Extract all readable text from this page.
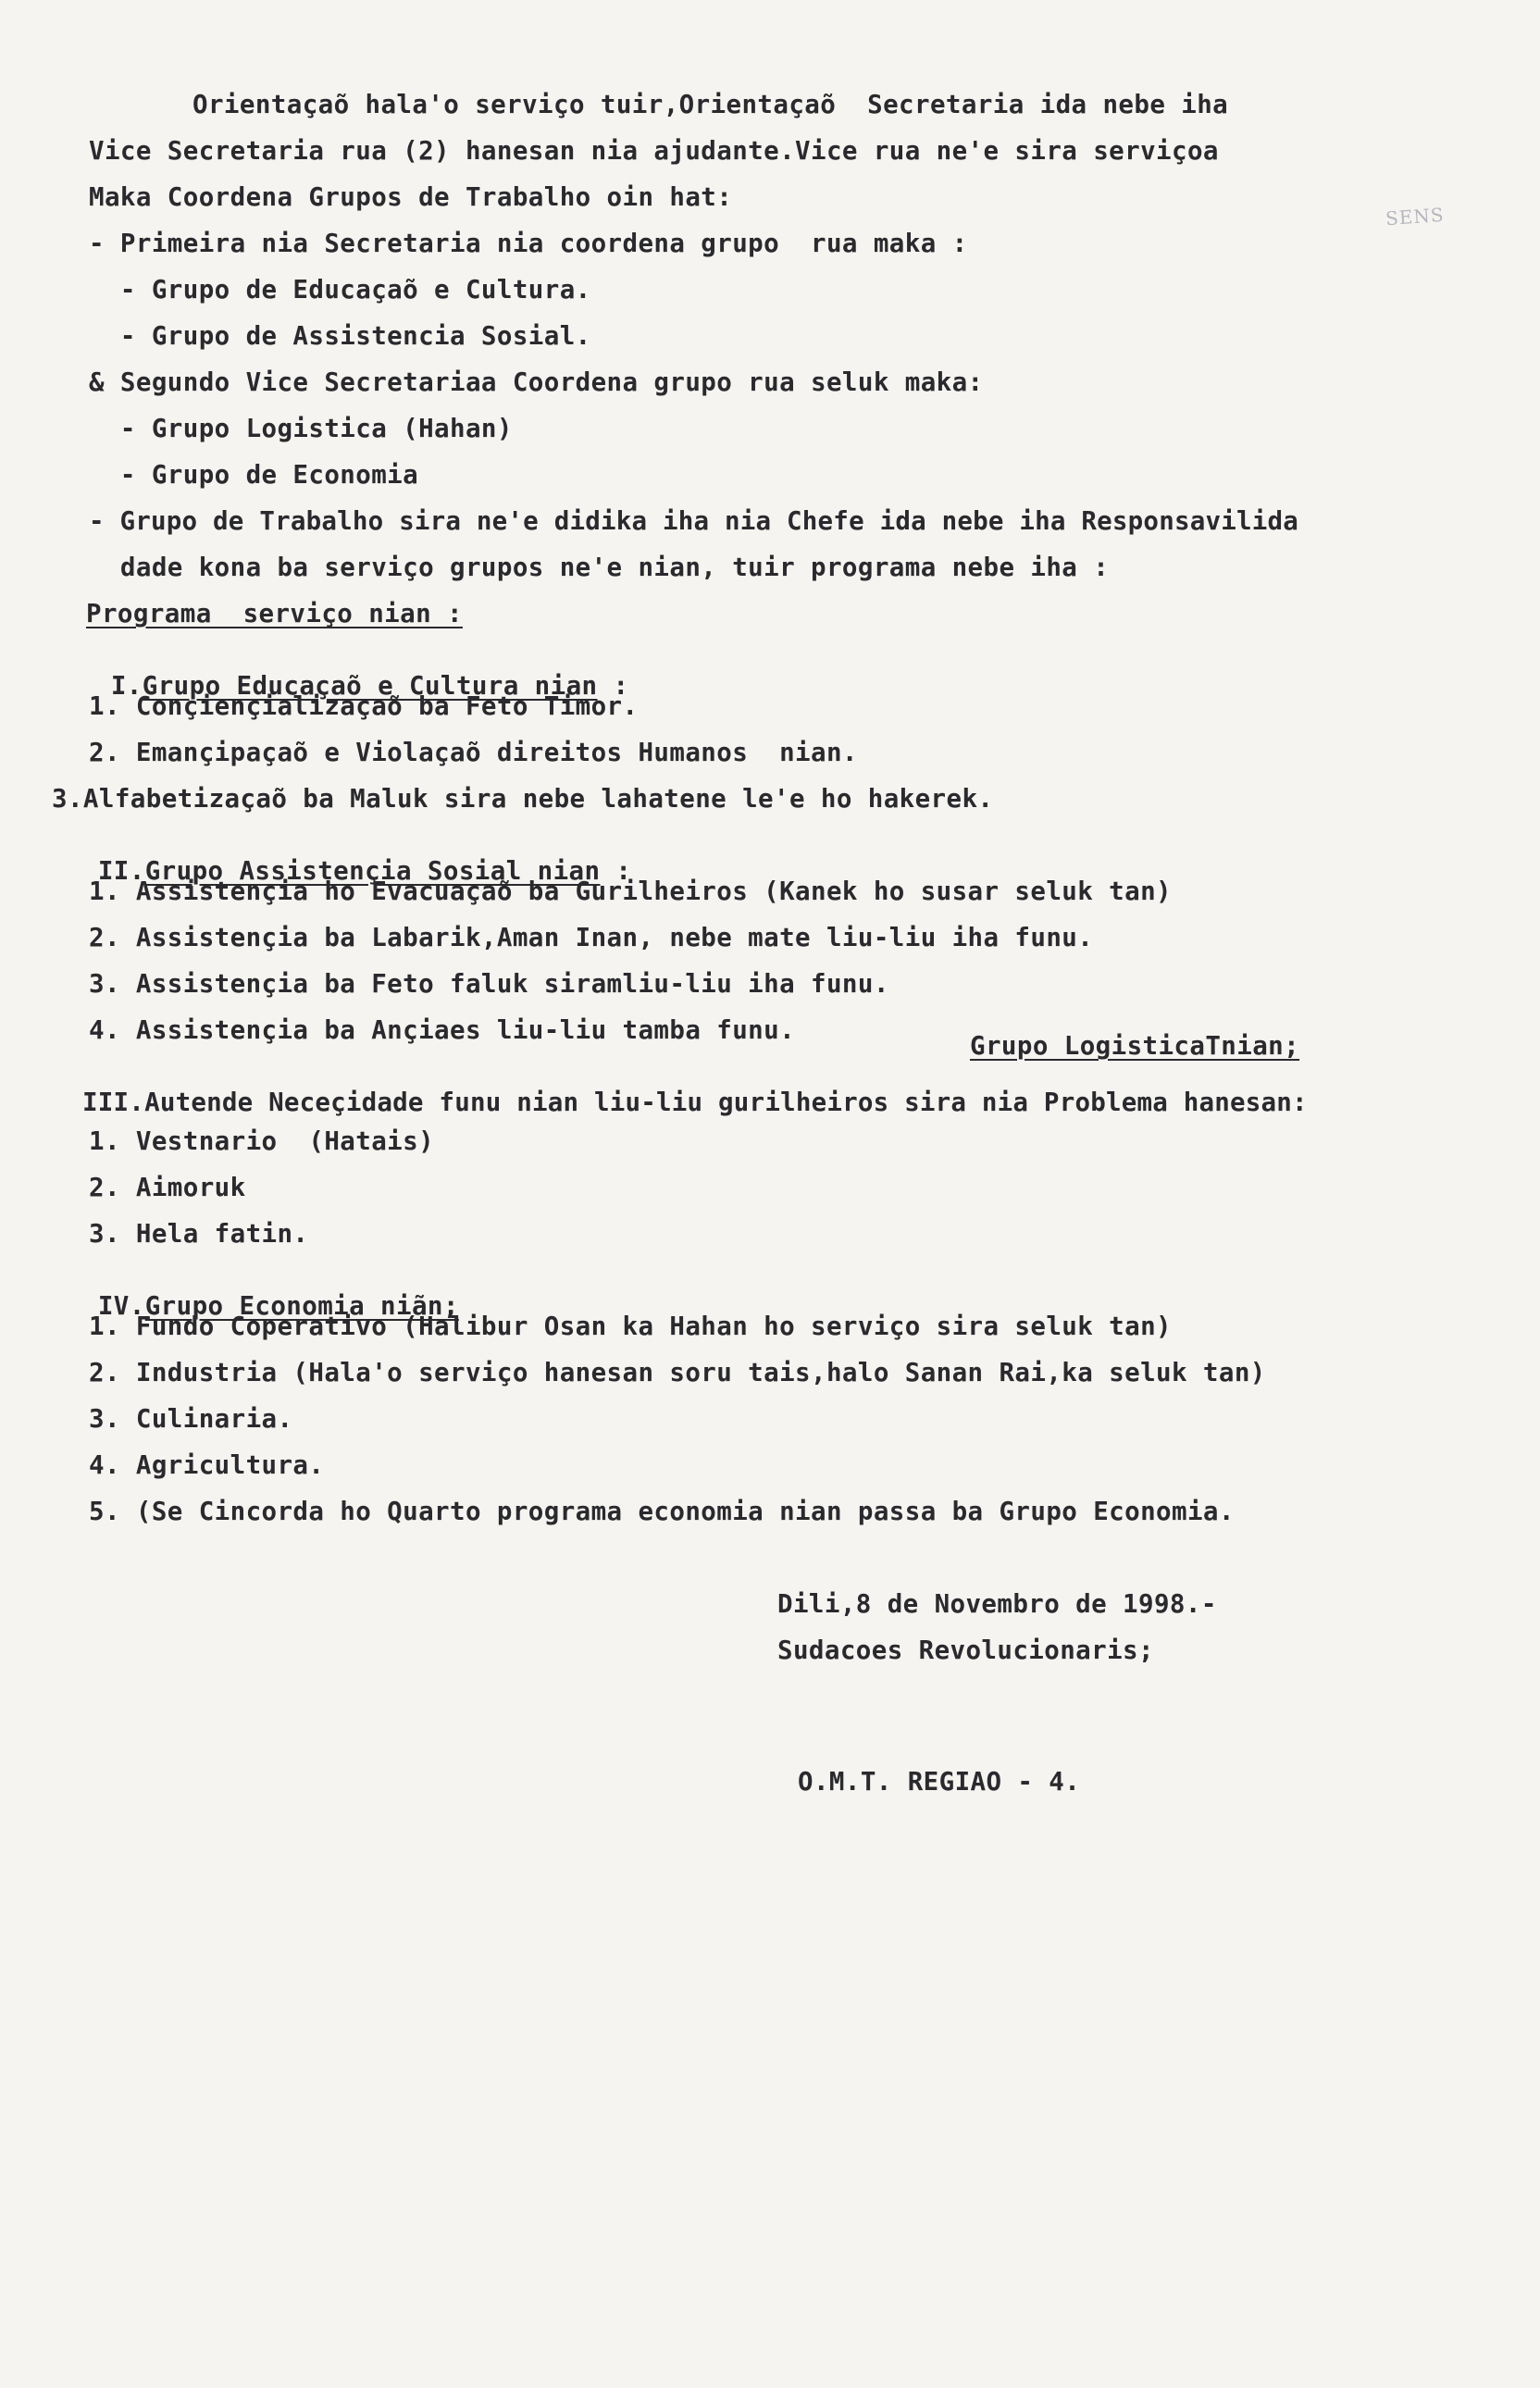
SENS
Orientaçaõ hala'o serviço tuir,Orientaçaõ  Secretaria ida nebe iha
Vice Secretaria rua (2) hanesan nia ajudante.Vice rua ne'e sira serviçoa
Maka Coordena Grupos de Trabalho oin hat:
- Primeira nia Secretaria nia coordena grupo  rua maka :
- Grupo de Educaçaõ e Cultura.
- Grupo de Assistencia Sosial.
& Segundo Vice Secretariaa Coordena grupo rua seluk maka:
- Grupo Logistica (Hahan)
- Grupo de Economia
- Grupo de Trabalho sira ne'e didika iha nia Chefe ida nebe iha Responsavilida
dade kona ba serviço grupos ne'e nian, tuir programa nebe iha :
Programa  serviço nian :

I.Grupo Educaçaõ e Cultura nian :

1. Conçiençializaçaõ ba Feto Timor.
2. Emançipaçaõ e Violaçaõ direitos Humanos  nian.
3.Alfabetizaçaõ ba Maluk sira nebe lahatene le'e ho hakerek.

II.Grupo Assistençia Sosial nian :

1. Assistençia ho Evacuaçaõ ba Gurilheiros (Kanek ho susar seluk tan)
2. Assistençia ba Labarik,Aman Inan, nebe mate liu-liu iha funu.
3. Assistençia ba Feto faluk siramliu-liu iha funu.
4. Assistençia ba Ançiaes liu-liu tamba funu.
Grupo LogisticaTnian;

III.Autende Neceçidade funu nian liu-liu gurilheiros sira nia Problema hanesan:

1. Vestnario  (Hatais)
2. Aimoruk
3. Hela fatin.

IV.Grupo Economia niãn;

1. Fundo Coperativo (Halibur Osan ka Hahan ho serviço sira seluk tan)
2. Industria (Hala'o serviço hanesan soru tais,halo Sanan Rai,ka seluk tan)
3. Culinaria.
4. Agricultura.
5. (Se Cincorda ho Quarto programa economia nian passa ba Grupo Economia.
Dili,8 de Novembro de 1998.-
Sudacoes Revolucionaris;
O.M.T. REGIAO - 4.
